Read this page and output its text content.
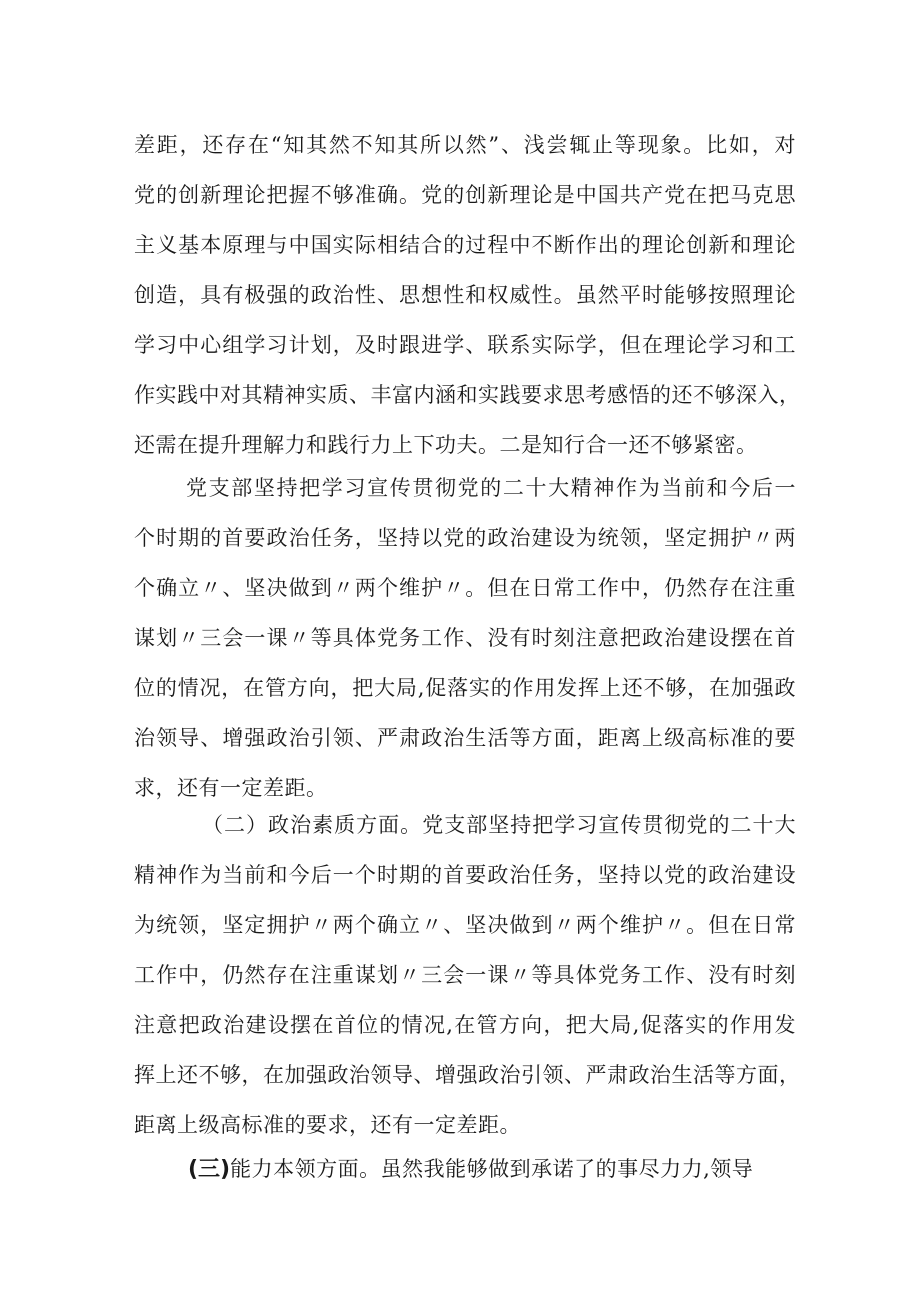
差距，还存在“知其然不知其所以然”、浅尝辄止等现象。比如，对
党的创新理论把握不够准确。党的创新理论是中国共产党在把马克思
主义基本原理与中国实际相结合的过程中不断作出的理论创新和理论
创造，具有极强的政治性、思想性和权威性。虽然平时能够按照理论
学习中心组学习计划，及时跟进学、联系实际学，但在理论学习和工
作实践中对其精神实质、丰富内涵和实践要求思考感悟的还不够深入，
还需在提升理解力和践行力上下功夫。二是知行合一还不够紧密。
党支部坚持把学习宣传贯彻党的二十大精神作为当前和今后一
个时期的首要政治任务，坚持以党的政治建设为统领，坚定拥护〃两
个确立〃、坚决做到〃两个维护〃。但在日常工作中，仍然存在注重
谋划〃三会一课〃等具体党务工作、没有时刻注意把政治建设摆在首
位的情况，在管方向，把大局,促落实的作用发挥上还不够，在加强政
治领导、增强政治引领、严肃政治生活等方面，距离上级高标准的要
求，还有一定差距。
（二）政治素质方面。党支部坚持把学习宣传贯彻党的二十大
精神作为当前和今后一个时期的首要政治任务，坚持以党的政治建设
为统领，坚定拥护〃两个确立〃、坚决做到〃两个维护〃。但在日常
工作中，仍然存在注重谋划〃三会一课〃等具体党务工作、没有时刻
注意把政治建设摆在首位的情况,在管方向，把大局,促落实的作用发
挥上还不够，在加强政治领导、增强政治引领、严肃政治生活等方面，
距离上级高标准的要求，还有一定差距。
(三)能力本领方面。虽然我能够做到承诺了的事尽力力,领导
